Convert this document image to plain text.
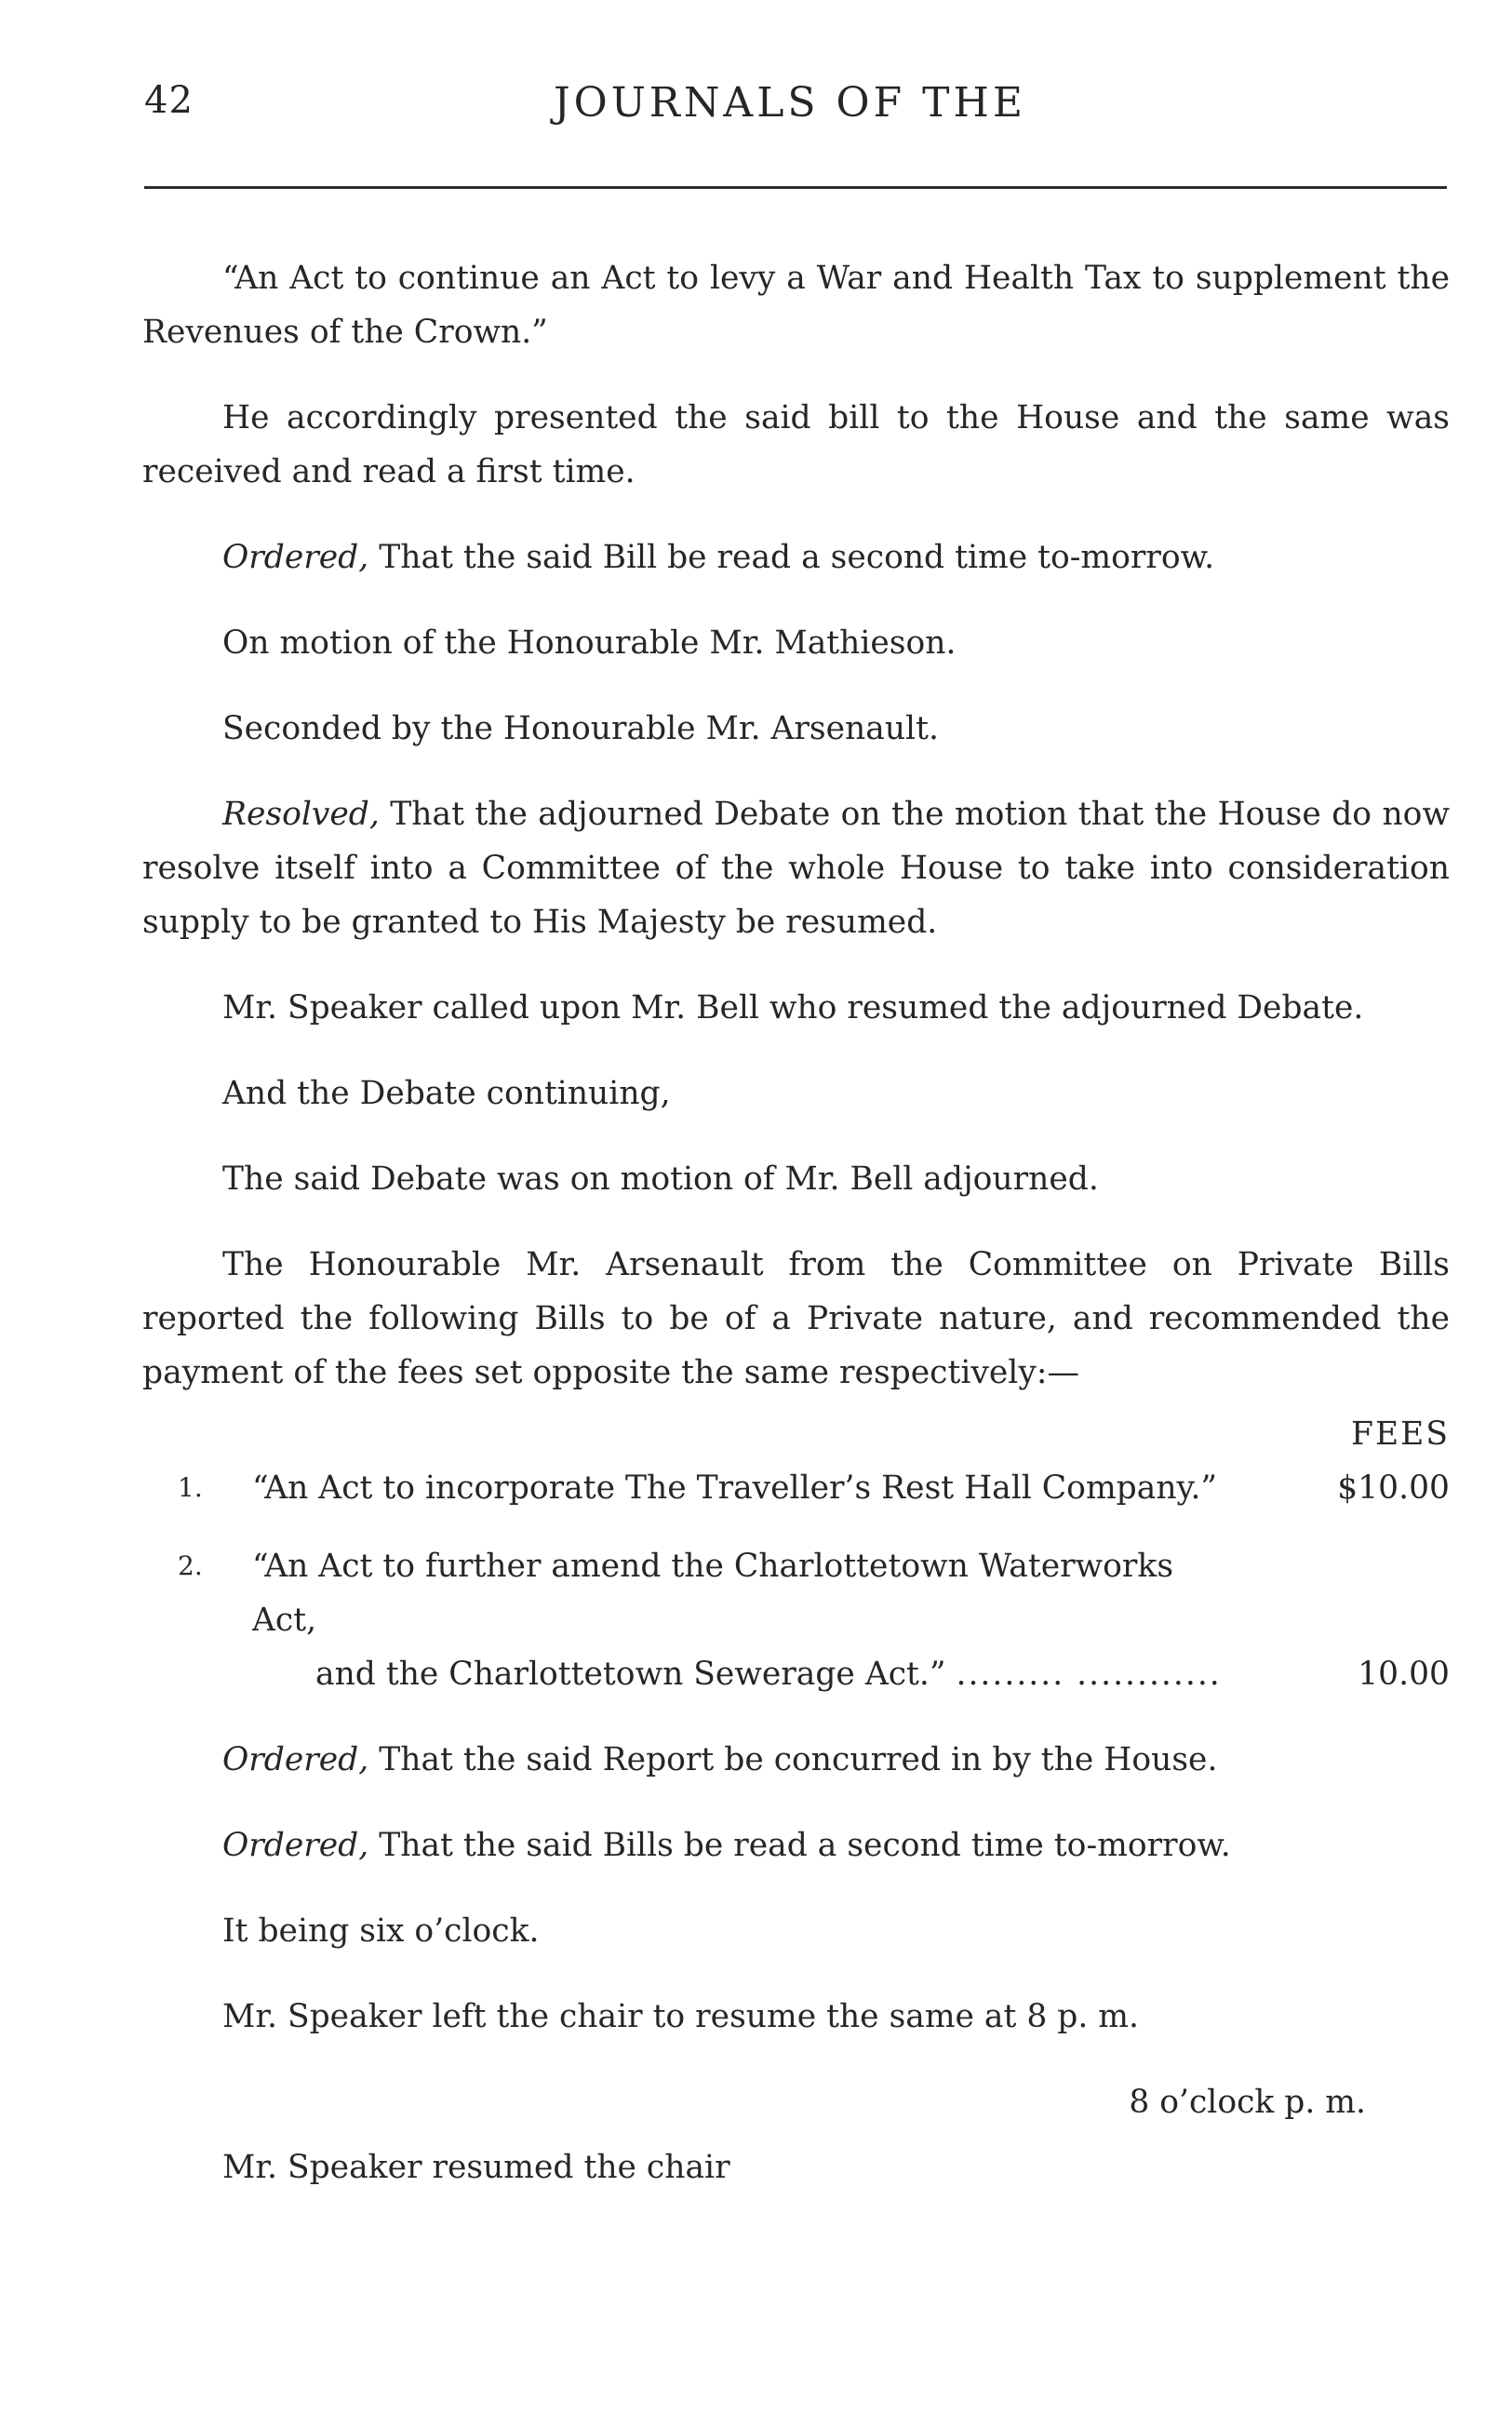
42	JOURNALS OF THE

“An Act to continue an Act to levy a War and Health Tax to supplement the Revenues of the Crown.”

He accordingly presented the said bill to the House and the same was received and read a first time.

Ordered, That the said Bill be read a second time to-morrow.

On motion of the Honourable Mr. Mathieson.

Seconded by the Honourable Mr. Arsenault.

Resolved, That the adjourned Debate on the motion that the House do now resolve itself into a Committee of the whole House to take into consideration supply to be granted to His Majesty be resumed.

Mr. Speaker called upon Mr. Bell who resumed the adjourned Debate.

And the Debate continuing,

The said Debate was on motion of Mr. Bell adjourned.

The Honourable Mr. Arsenault from the Committee on Private Bills reported the following Bills to be of a Private nature, and recommended the payment of the fees set opposite the same respectively:—

FEES
1.	“An Act to incorporate The Traveller’s Rest Hall Company.”	$10.00
2.	“An Act to further amend the Charlottetown Waterworks Act,
and the Charlottetown Sewerage Act.” ......... ............	10.00

Ordered, That the said Report be concurred in by the House.

Ordered, That the said Bills be read a second time to-morrow.

It being six o’clock.

Mr. Speaker left the chair to resume the same at 8 p. m.

8 o’clock p. m.

Mr. Speaker resumed the chair
